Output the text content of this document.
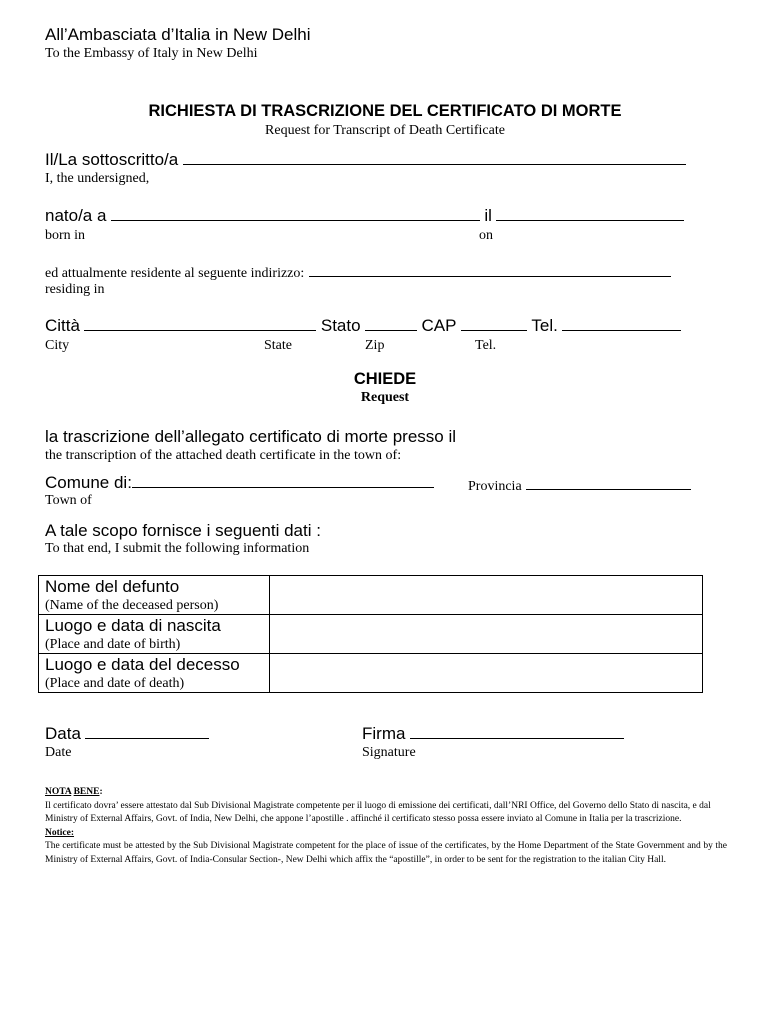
All’Ambasciata d’Italia in New Delhi
To the Embassy of Italy in New Delhi
RICHIESTA DI TRASCRIZIONE DEL CERTIFICATO DI MORTE
Request for Transcript of Death Certificate
Il/La sottoscritto/a
I, the undersigned,
nato/a a	il
born in	on
ed attualmente residente al seguente indirizzo:
residing in
Città	Stato	CAP	Tel.
City	State	Zip	Tel.
CHIEDE
Request
la trascrizione dell’allegato certificato di morte presso il
the transcription of the attached death certificate in the town of:
Comune di:	Provincia
Town of
A tale scopo fornisce i seguenti dati :
To that end, I submit the following information
Nome del defunto
(Name of the deceased person)	

Luogo e data di nascita
(Place and date of birth)	

Luogo e data del decesso
(Place and date of death)	

Data	Firma
Date	Signature
NOTA BENE:
Il certificato dovra’ essere attestato dal Sub Divisional Magistrate competente per il luogo di emissione dei certificati, dall’NRI Office, del Governo dello Stato di nascita, e dal Ministry of External Affairs, Govt. of India, New Delhi, che appone l’apostille . affinché il certificato stesso possa essere inviato al Comune in Italia per la trascrizione.
Notice:
The certificate must be attested by the Sub Divisional Magistrate competent for the place of issue of the certificates, by the Home Department of the State Government and by the Ministry of External Affairs, Govt. of India-Consular Section-, New Delhi which affix the “apostille”, in order to be sent for the registration to the italian City Hall.
